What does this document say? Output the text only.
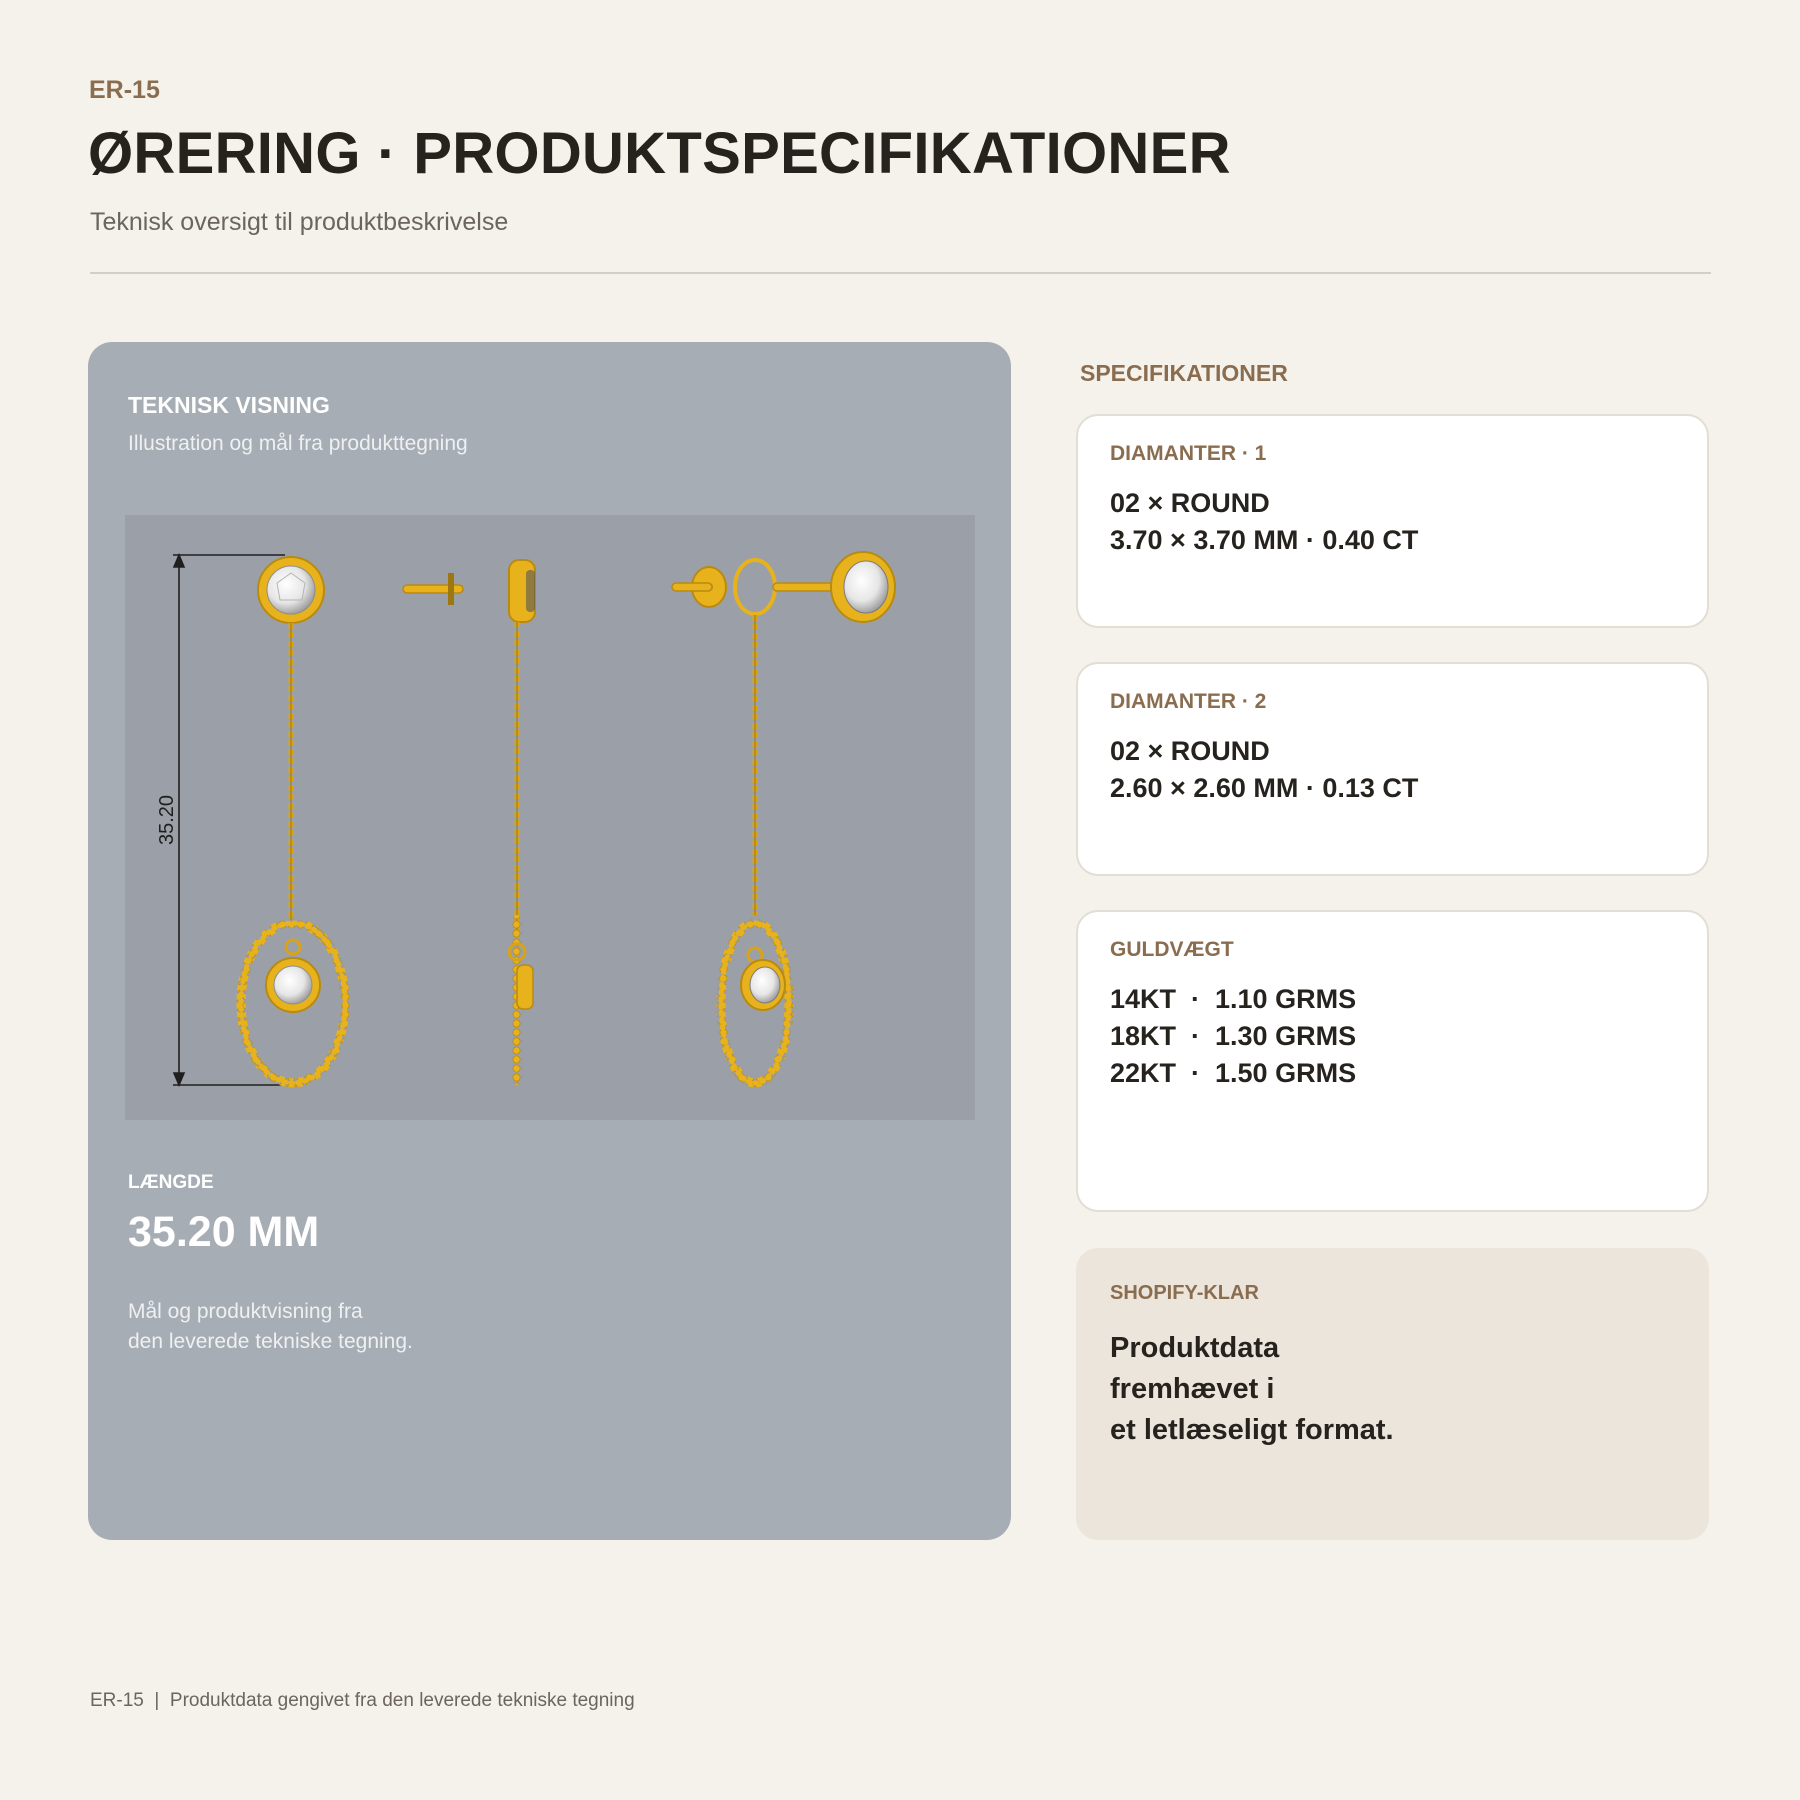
ER-15
ØRERING · PRODUKTSPECIFIKATIONER
Teknisk oversigt til produktbeskrivelse
TEKNISK VISNING
Illustration og mål fra produkttegning
35.20
LÆNGDE
35.20 MM
Mål og produktvisning fra
den leverede tekniske tegning.
SPECIFIKATIONER
DIAMANTER · 1
02 × ROUND
3.70 × 3.70 MM · 0.40 CT
DIAMANTER · 2
02 × ROUND
2.60 × 2.60 MM · 0.13 CT
GULDVÆGT
14KT  ·  1.10 GRMS
18KT  ·  1.30 GRMS
22KT  ·  1.50 GRMS
SHOPIFY-KLAR
Produktdata
fremhævet i
et letlæseligt format.
ER-15  |  Produktdata gengivet fra den leverede tekniske tegning
